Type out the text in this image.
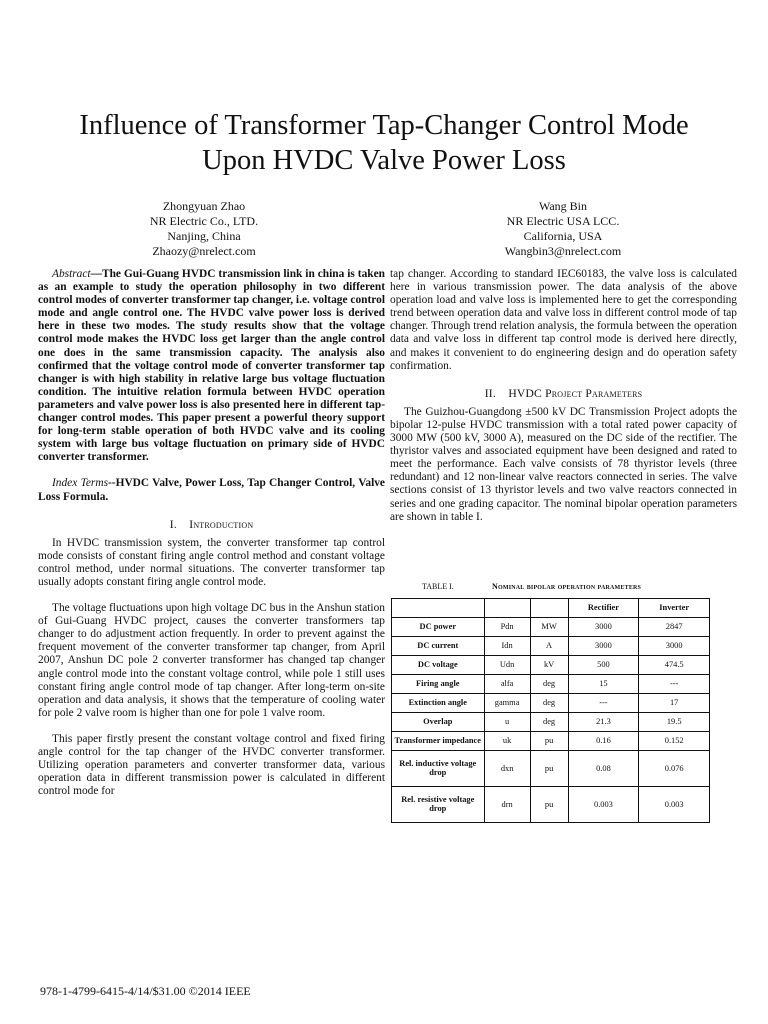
Influence of Transformer Tap-Changer Control Mode
Upon HVDC Valve Power Loss
Zhongyuan Zhao
NR Electric Co., LTD.
Nanjing, China
Zhaozy@nrelect.com
Wang Bin
NR Electric USA LCC.
California, USA
Wangbin3@nrelect.com

Abstract—The Gui-Guang HVDC transmission link in china is taken as an example to study the operation philosophy in two different control modes of converter transformer tap changer, i.e. voltage control mode and angle control one. The HVDC valve power loss is derived here in these two modes. The study results show that the voltage control mode makes the HVDC loss get larger than the angle control one does in the same transmission capacity. The analysis also confirmed that the voltage control mode of converter transformer tap changer is with high stability in relative large bus voltage fluctuation condition. The intuitive relation formula between HVDC operation parameters and valve power loss is also presented here in different tap-changer control modes. This paper present a powerful theory support for long-term stable operation of both HVDC valve and its cooling system with large bus voltage fluctuation on primary side of HVDC converter transformer.

Index Terms--HVDC Valve, Power Loss, Tap Changer Control, Valve Loss Formula.

I. Introduction

In HVDC transmission system, the converter transformer tap control mode consists of constant firing angle control method and constant voltage control method, under normal situations. The converter transformer tap usually adopts constant firing angle control mode.

The voltage fluctuations upon high voltage DC bus in the Anshun station of Gui-Guang HVDC project, causes the converter transformers tap changer to do adjustment action frequently. In order to prevent against the frequent movement of the converter transformer tap changer, from April 2007, Anshun DC pole 2 converter transformer has changed tap changer angle control mode into the constant voltage control, while pole 1 still uses constant firing angle control mode of tap changer. After long-term on-site operation and data analysis, it shows that the temperature of cooling water for pole 2 valve room is higher than one for pole 1 valve room.

This paper firstly present the constant voltage control and fixed firing angle control for the tap changer of the HVDC converter transformer. Utilizing operation parameters and converter transformer data, various operation data in different transmission power is calculated in different control mode for

tap changer. According to standard IEC60183, the valve loss is calculated here in various transmission power. The data analysis of the above operation load and valve loss is implemented here to get the corresponding trend between operation data and valve loss in different control mode of tap changer. Through trend relation analysis, the formula between the operation data and valve loss in different tap control mode is derived here directly, and makes it convenient to do engineering design and do operation safety confirmation.

II. HVDC Project Parameters

The Guizhou-Guangdong ±500 kV DC Transmission Project adopts the bipolar 12-pulse HVDC transmission with a total rated power capacity of 3000 MW (500 kV, 3000 A), measured on the DC side of the rectifier. The thyristor valves and associated equipment have been designed and rated to meet the performance. Each valve consists of 78 thyristor levels (three redundant) and 12 non-linear valve reactors connected in series. The valve sections consist of 13 thyristor levels and two valve reactors connected in series and one grading capacitor. The nominal bipolar operation parameters are shown in table I.

TABLE I.	Nominal bipolar operation parameters
			Rectifier	Inverter
DC power	Pdn	MW	3000	2847
DC current	Idn	A	3000	3000
DC voltage	Udn	kV	500	474.5
Firing angle	alfa	deg	15	---
Extinction angle	gamma	deg	---	17
Overlap	u	deg	21.3	19.5
Transformer impedance	uk	pu	0.16	0.152
Rel. inductive voltage drop	dxn	pu	0.08	0.076
Rel. resistive voltage drop	drn	pu	0.003	0.003
978-1-4799-6415-4/14/$31.00 ©2014 IEEE
